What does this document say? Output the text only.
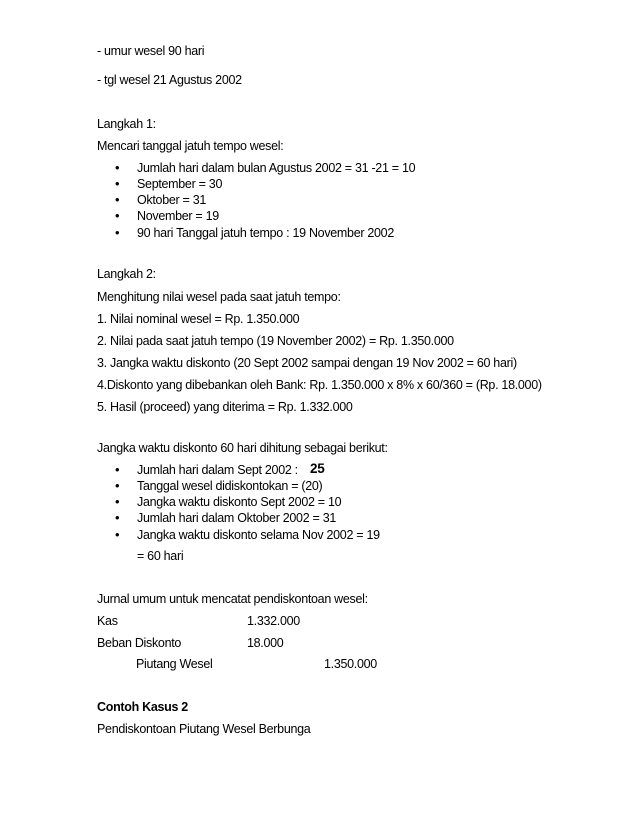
- umur wesel 90 hari
- tgl wesel 21 Agustus 2002
Langkah 1:
Mencari tanggal jatuh tempo wesel:
• Jumlah hari dalam bulan Agustus 2002 = 31 -21 = 10
• September = 30
• Oktober = 31
• November = 19
• 90 hari Tanggal jatuh tempo : 19 November 2002
Langkah 2:
Menghitung nilai wesel pada saat jatuh tempo:
1. Nilai nominal wesel = Rp. 1.350.000
2. Nilai pada saat jatuh tempo (19 November 2002) = Rp. 1.350.000
3. Jangka waktu diskonto (20 Sept 2002 sampai dengan 19 Nov 2002 = 60 hari)
4.Diskonto yang dibebankan oleh Bank: Rp. 1.350.000 x 8% x 60/360 = (Rp. 18.000)
5. Hasil (proceed) yang diterima = Rp. 1.332.000
Jangka waktu diskonto 60 hari dihitung sebagai berikut:
• Jumlah hari dalam Sept 2002 : 25
• Tanggal wesel didiskontokan = (20)
• Jangka waktu diskonto Sept 2002 = 10
• Jumlah hari dalam Oktober 2002 = 31
• Jangka waktu diskonto selama Nov 2002 = 19
= 60 hari
Jurnal umum untuk mencatat pendiskontoan wesel:
Kas	1.332.000
Beban Diskonto	18.000
Piutang Wesel	1.350.000
Contoh Kasus 2
Pendiskontoan Piutang Wesel Berbunga
